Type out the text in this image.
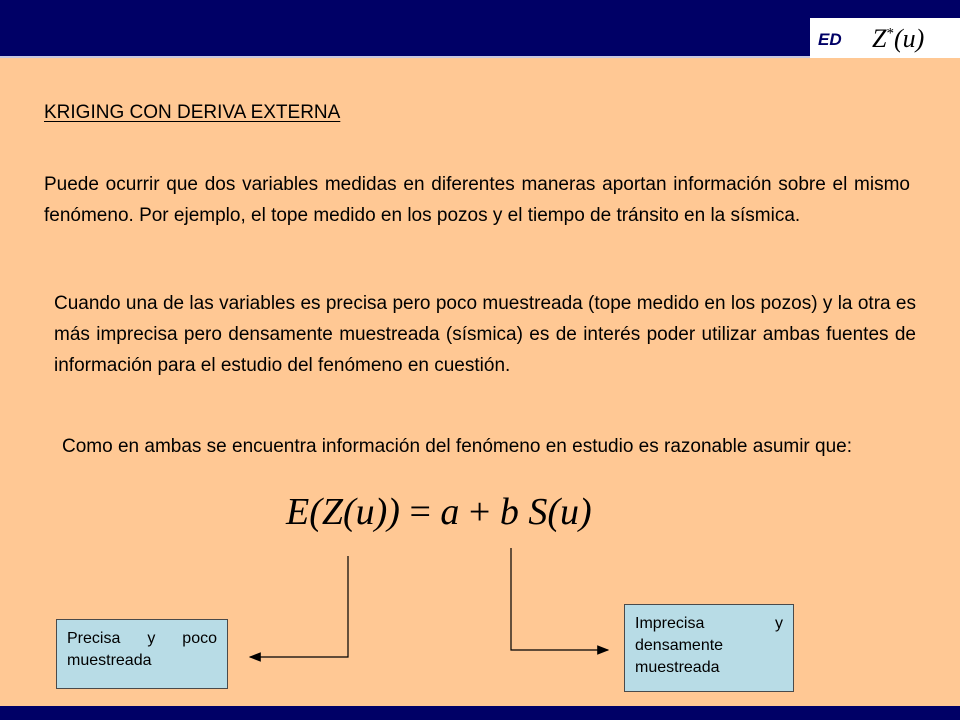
ED Z*(u)
KRIGING CON DERIVA EXTERNA
Puede ocurrir que dos variables medidas en diferentes maneras aportan información sobre el mismo fenómeno. Por ejemplo, el tope medido en los pozos y el tiempo de tránsito en la sísmica.
Cuando una de las variables es precisa pero poco muestreada (tope medido en los pozos) y la otra es más imprecisa pero densamente muestreada (sísmica) es de interés poder utilizar ambas fuentes de información para el estudio del fenómeno en cuestión.
Como en ambas se encuentra información del fenómeno en estudio es razonable asumir que:
E(Z(u)) = a + b S(u)
Precisa y poco muestreada
Imprecisa y densamente muestreada
